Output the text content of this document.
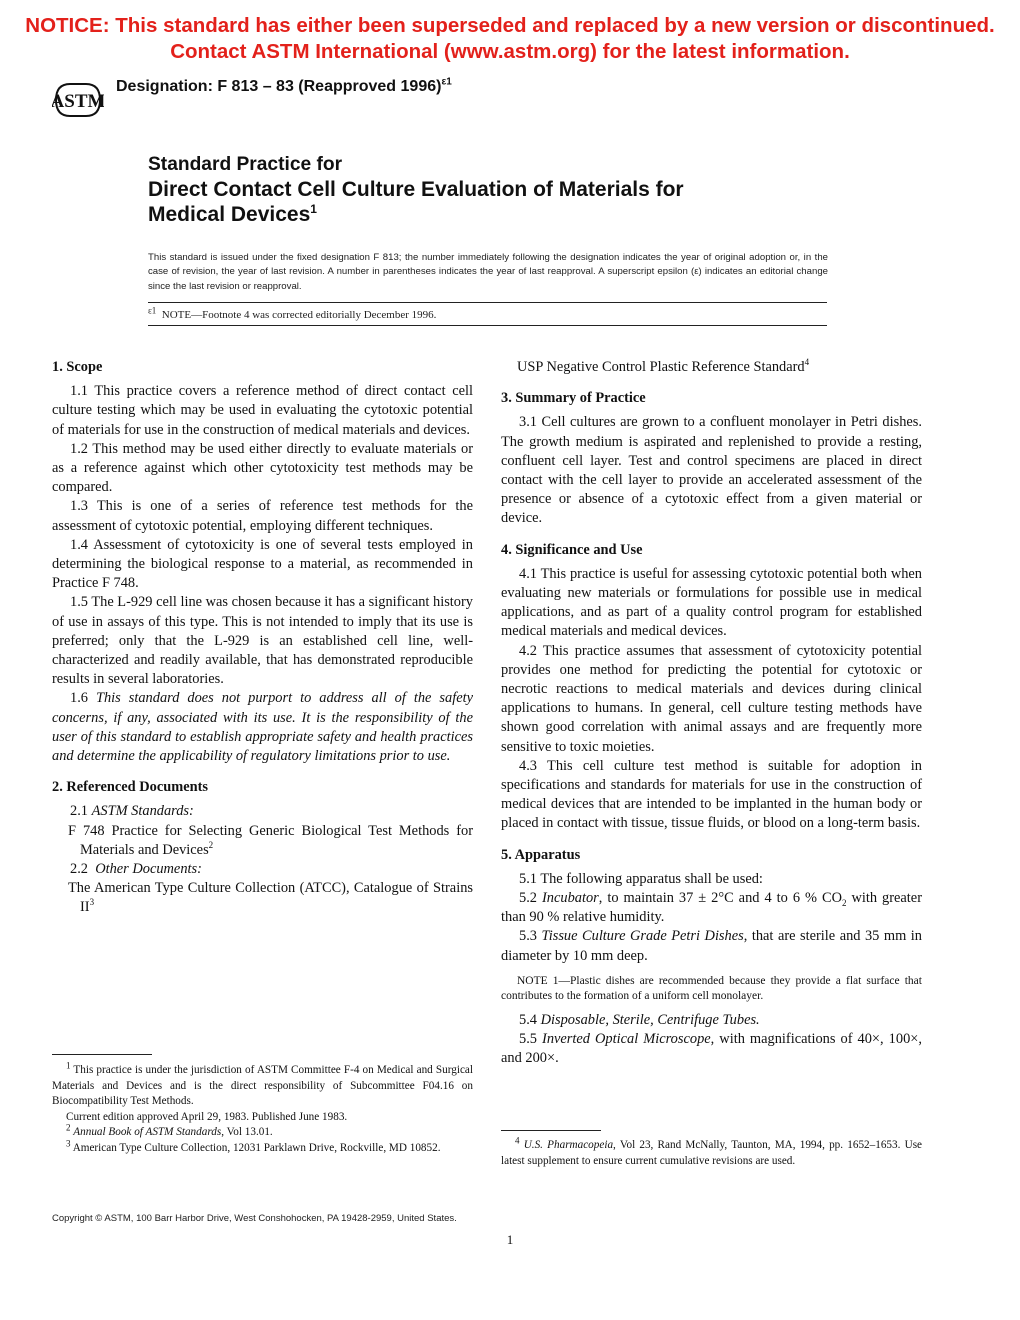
NOTICE: This standard has either been superseded and replaced by a new version or discontinued.
Contact ASTM International (www.astm.org) for the latest information.
ASTM
Designation: F 813 – 83 (Reapproved 1996)$^{\varepsilon 1}$
Standard Practice for
Direct Contact Cell Culture Evaluation of Materials for
Medical Devices$^1$
This standard is issued under the fixed designation F 813; the number immediately following the designation indicates the year of original adoption or, in the case of revision, the year of last revision. A number in parentheses indicates the year of last reapproval. A superscript epsilon (ε) indicates an editorial change since the last revision or reapproval.
$^{\varepsilon 1}$ NOTE—Footnote 4 was corrected editorially December 1996.

1. Scope

1.1 This practice covers a reference method of direct contact cell culture testing which may be used in evaluating the cytotoxic potential of materials for use in the construction of medical materials and devices.

1.2 This method may be used either directly to evaluate materials or as a reference against which other cytotoxicity test methods may be compared.

1.3 This is one of a series of reference test methods for the assessment of cytotoxic potential, employing different techniques.

1.4 Assessment of cytotoxicity is one of several tests employed in determining the biological response to a material, as recommended in Practice F 748.

1.5 The L-929 cell line was chosen because it has a significant history of use in assays of this type. This is not intended to imply that its use is preferred; only that the L-929 is an established cell line, well-characterized and readily available, that has demonstrated reproducible results in several laboratories.

1.6 This standard does not purport to address all of the safety concerns, if any, associated with its use. It is the responsibility of the user of this standard to establish appropriate safety and health practices and determine the applicability of regulatory limitations prior to use.

2. Referenced Documents

2.1 ASTM Standards:

F 748 Practice for Selecting Generic Biological Test Methods for Materials and Devices$^2$

2.2 Other Documents:

The American Type Culture Collection (ATCC), Catalogue of Strains $II^3$

USP Negative Control Plastic Reference Standard$^4$

3. Summary of Practice

3.1 Cell cultures are grown to a confluent monolayer in Petri dishes. The growth medium is aspirated and replenished to provide a resting, confluent cell layer. Test and control specimens are placed in direct contact with the cell layer to provide an accelerated assessment of the presence or absence of a cytotoxic effect from a given material or device.

4. Significance and Use

4.1 This practice is useful for assessing cytotoxic potential both when evaluating new materials or formulations for possible use in medical applications, and as part of a quality control program for established medical materials and medical devices.

4.2 This practice assumes that assessment of cytotoxicity potential provides one method for predicting the potential for cytotoxic or necrotic reactions to medical materials and devices during clinical applications to humans. In general, cell culture testing methods have shown good correlation with animal assays and are frequently more sensitive to toxic moieties.

4.3 This cell culture test method is suitable for adoption in specifications and standards for materials for use in the construction of medical devices that are intended to be implanted in the human body or placed in contact with tissue, tissue fluids, or blood on a long-term basis.

5. Apparatus

5.1 The following apparatus shall be used:

5.2 Incubator, to maintain 37 ± 2°C and 4 to 6 % $CO_2$ with greater than 90 % relative humidity.

5.3 Tissue Culture Grade Petri Dishes, that are sterile and 35 mm in diameter by 10 mm deep.

NOTE 1—Plastic dishes are recommended because they provide a flat surface that contributes to the formation of a uniform cell monolayer.

5.4 Disposable, Sterile, Centrifuge Tubes.

5.5 Inverted Optical Microscope, with magnifications of 40×, 100×, and 200×.

$^1$ This practice is under the jurisdiction of ASTM Committee F-4 on Medical and Surgical Materials and Devices and is the direct responsibility of Subcommittee F04.16 on Biocompatibility Test Methods.

Current edition approved April 29, 1983. Published June 1983.

$^2$ Annual Book of ASTM Standards, Vol 13.01.

$^3$ American Type Culture Collection, 12031 Parklawn Drive, Rockville, MD 10852.

$^4$ U.S. Pharmacopeia, Vol 23, Rand McNally, Taunton, MA, 1994, pp. 1652–1653. Use latest supplement to ensure current cumulative revisions are used.

Copyright © ASTM, 100 Barr Harbor Drive, West Conshohocken, PA 19428-2959, United States.
1
